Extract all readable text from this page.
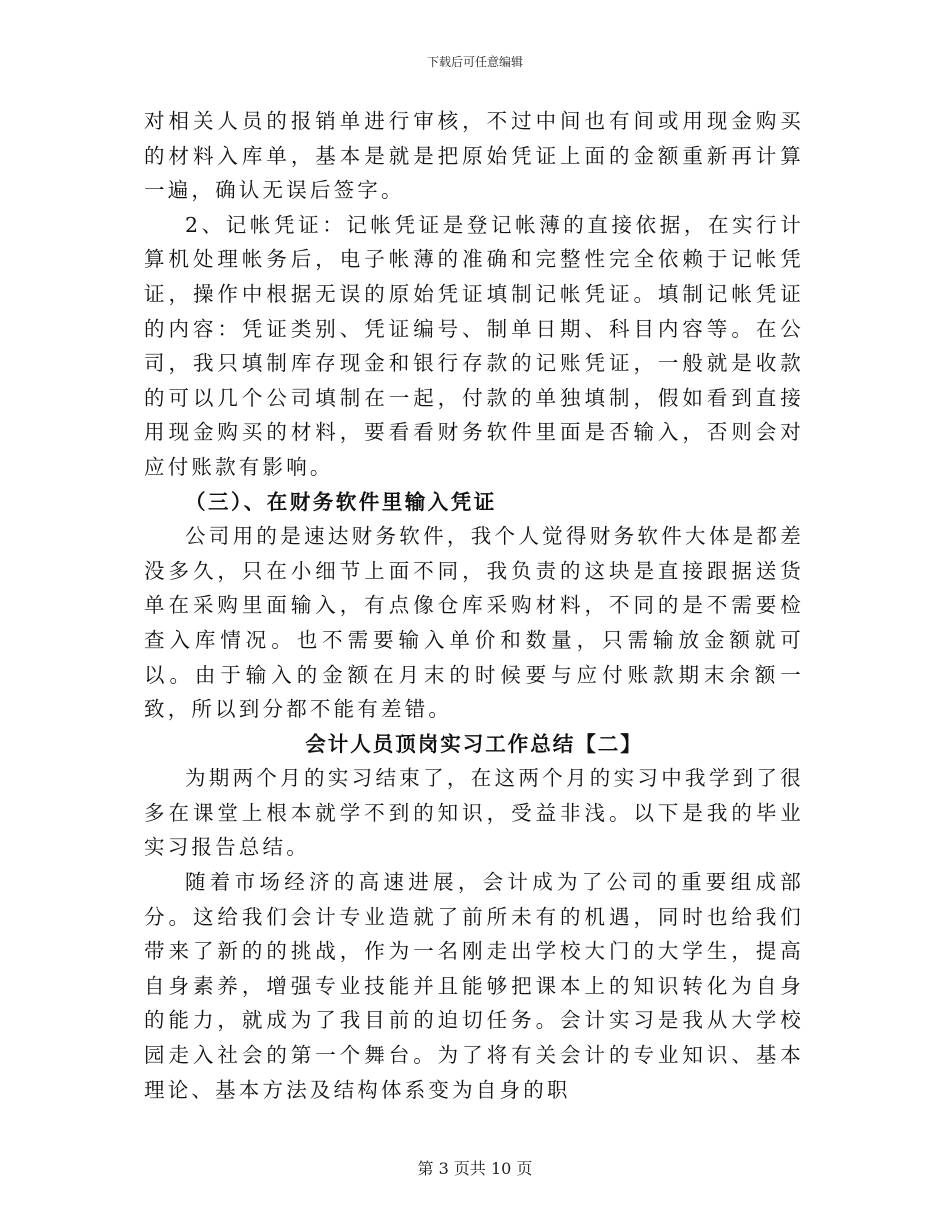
下载后可任意编辑

对相关人员的报销单进行审核，不过中间也有间或用现金购买的材料入库单，基本是就是把原始凭证上面的金额重新再计算一遍，确认无误后签字。

2、记帐凭证：记帐凭证是登记帐薄的直接依据，在实行计算机处理帐务后，电子帐薄的准确和完整性完全依赖于记帐凭证，操作中根据无误的原始凭证填制记帐凭证。填制记帐凭证的内容：凭证类别、凭证编号、制单日期、科目内容等。在公司，我只填制库存现金和银行存款的记账凭证，一般就是收款的可以几个公司填制在一起，付款的单独填制，假如看到直接用现金购买的材料，要看看财务软件里面是否输入，否则会对应付账款有影响。

（三）、在财务软件里输入凭证

公司用的是速达财务软件，我个人觉得财务软件大体是都差没多久，只在小细节上面不同，我负责的这块是直接跟据送货单在采购里面输入，有点像仓库采购材料，不同的是不需要检查入库情况。也不需要输入单价和数量，只需输放金额就可以。由于输入的金额在月末的时候要与应付账款期末余额一致，所以到分都不能有差错。

会计人员顶岗实习工作总结【二】

为期两个月的实习结束了，在这两个月的实习中我学到了很多在课堂上根本就学不到的知识，受益非浅。以下是我的毕业实习报告总结。

随着市场经济的高速进展，会计成为了公司的重要组成部分。这给我们会计专业造就了前所未有的机遇，同时也给我们带来了新的的挑战，作为一名刚走出学校大门的大学生，提高自身素养，增强专业技能并且能够把课本上的知识转化为自身的能力，就成为了我目前的迫切任务。会计实习是我从大学校园走入社会的第一个舞台。为了将有关会计的专业知识、基本理论、基本方法及结构体系变为自身的职

第 3 页共 10 页
